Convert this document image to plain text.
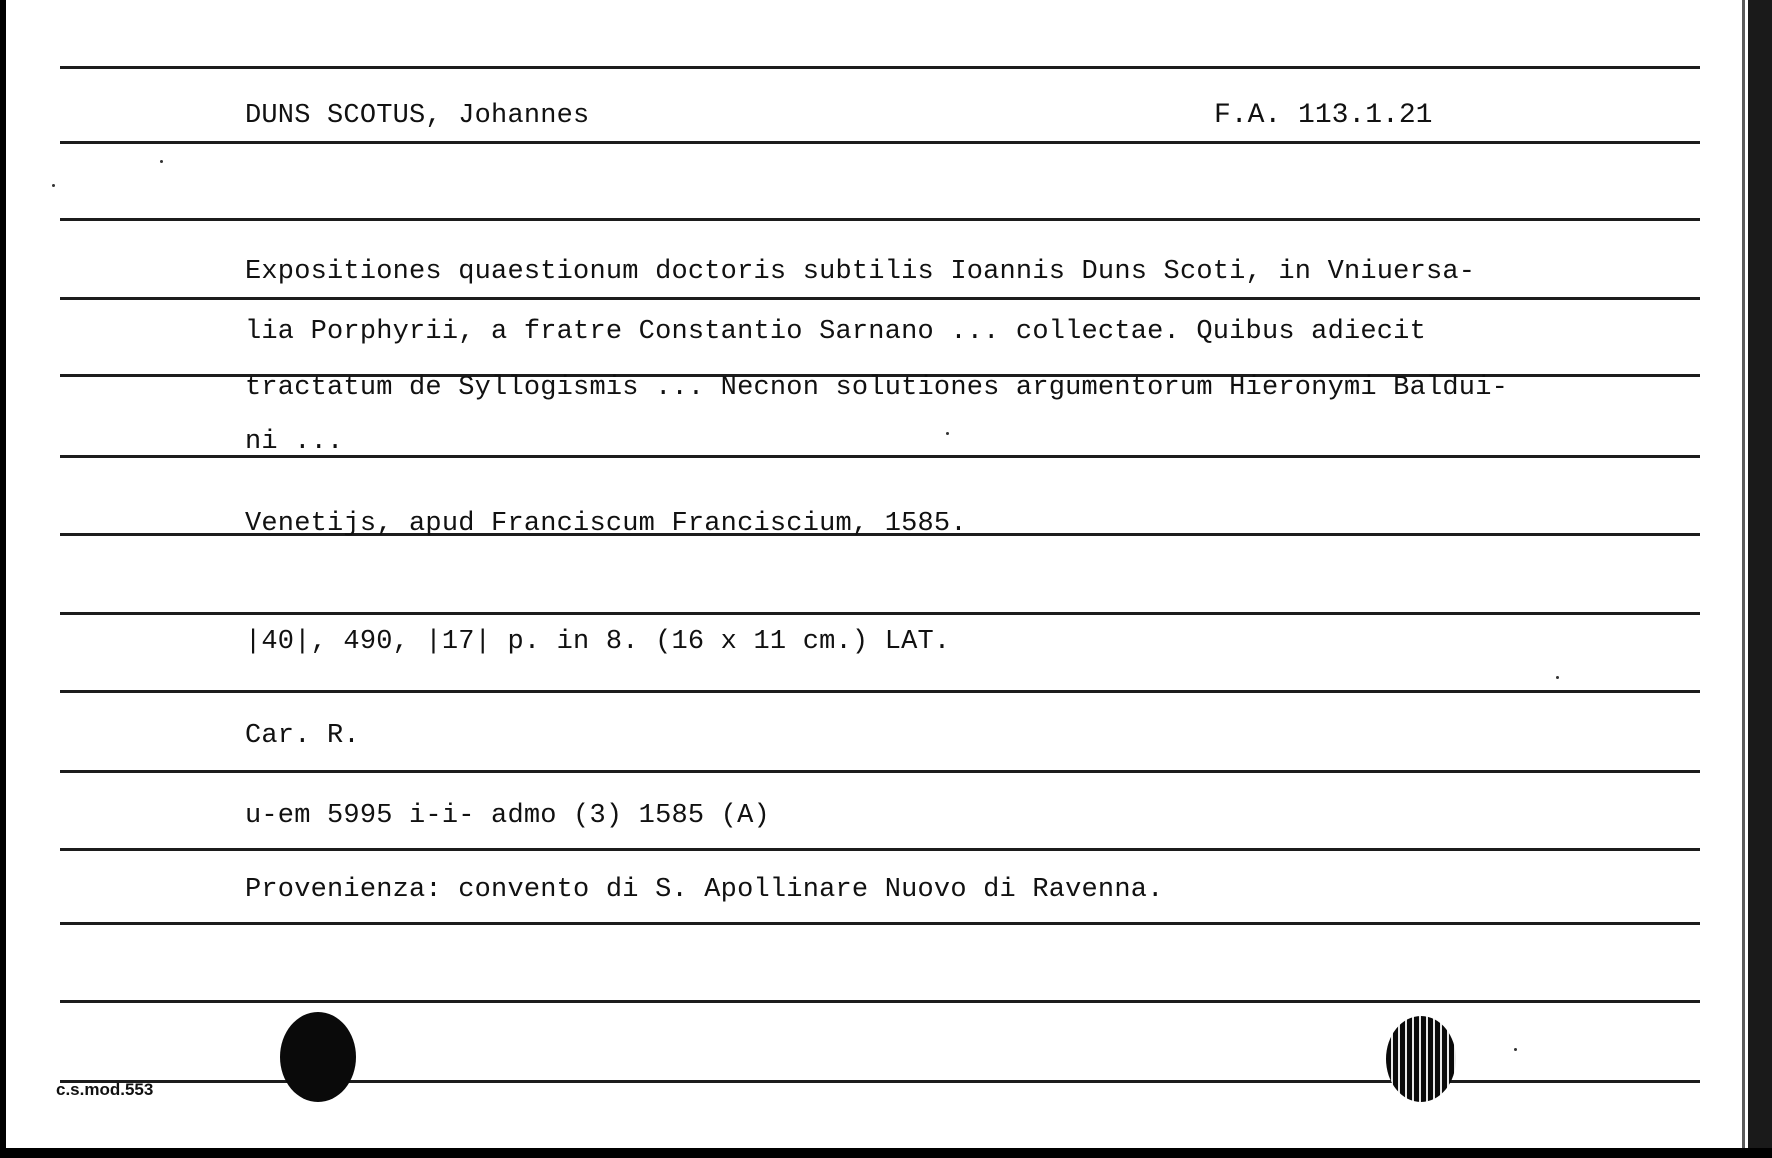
DUNS SCOTUS, Johannes	F.A. 113.1.21
Expositiones quaestionum doctoris subtilis Ioannis Duns Scoti, in Vniuersa-
lia Porphyrii, a fratre Constantio Sarnano ... collectae. Quibus adiecit
tractatum de Syllogismis ... Necnon solutiones argumentorum Hieronymi Baldui-
ni ...
Venetijs, apud Franciscum Franciscium, 1585.
|40|, 490, |17| p. in 8. (16 x 11 cm.) LAT.
Car. R.
u-em 5995 i-i- admo (3) 1585 (A)
Provenienza: convento di S. Apollinare Nuovo di Ravenna.
c.s.mod.553
